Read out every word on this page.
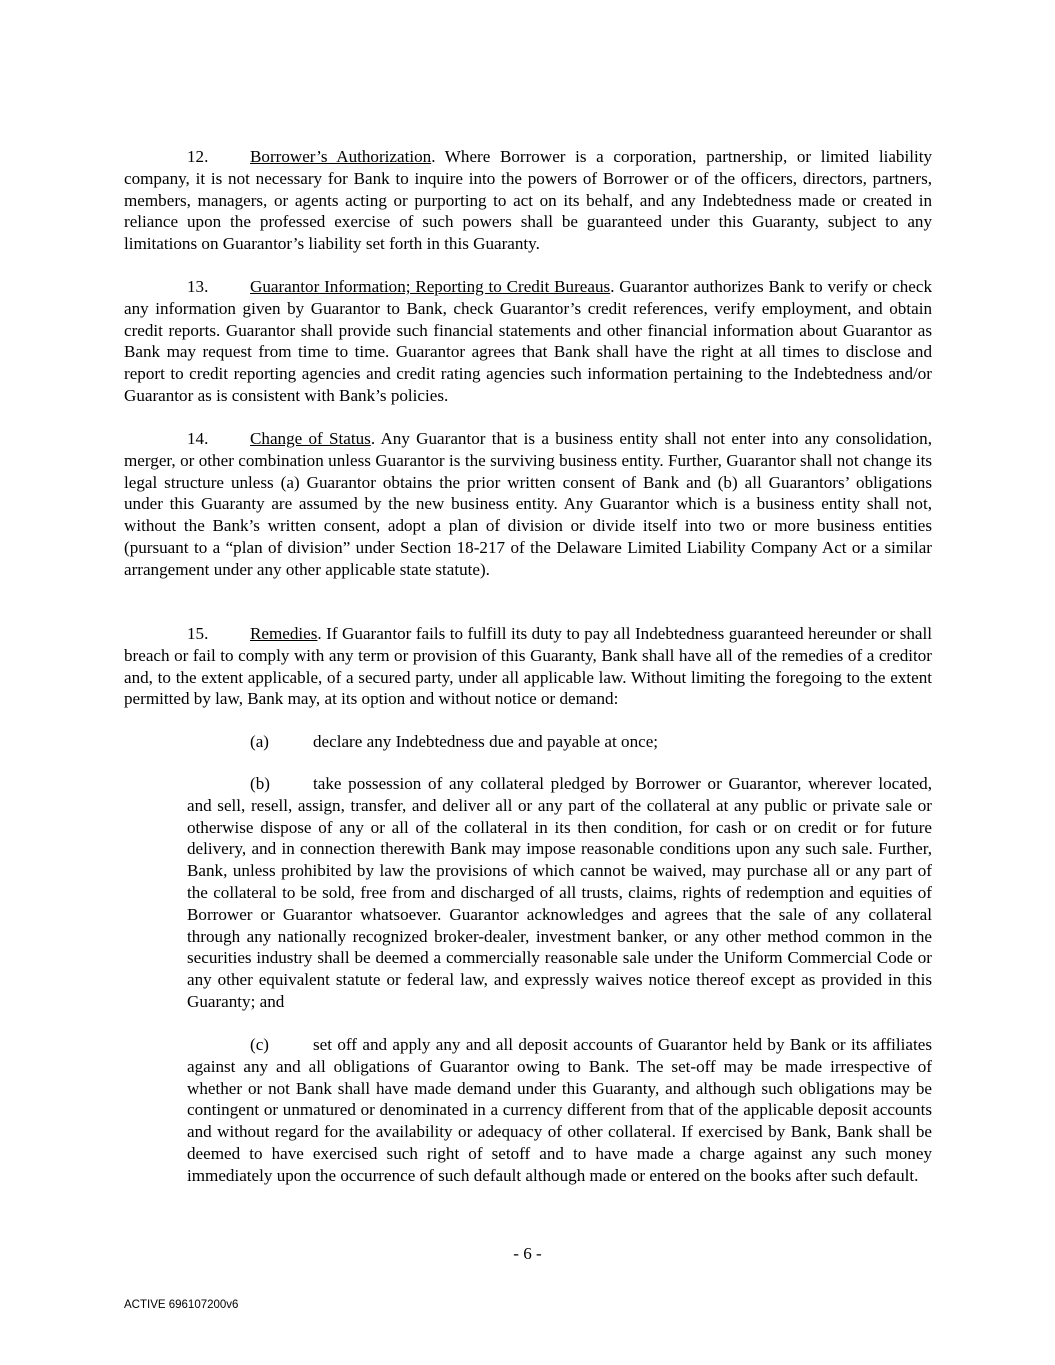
12. Borrower’s Authorization. Where Borrower is a corporation, partnership, or limited liability company, it is not necessary for Bank to inquire into the powers of Borrower or of the officers, directors, partners, members, managers, or agents acting or purporting to act on its behalf, and any Indebtedness made or created in reliance upon the professed exercise of such powers shall be guaranteed under this Guaranty, subject to any limitations on Guarantor’s liability set forth in this Guaranty.

13. Guarantor Information; Reporting to Credit Bureaus. Guarantor authorizes Bank to verify or check any information given by Guarantor to Bank, check Guarantor’s credit references, verify employment, and obtain credit reports. Guarantor shall provide such financial statements and other financial information about Guarantor as Bank may request from time to time. Guarantor agrees that Bank shall have the right at all times to disclose and report to credit reporting agencies and credit rating agencies such information pertaining to the Indebtedness and/or Guarantor as is consistent with Bank’s policies.

14. Change of Status. Any Guarantor that is a business entity shall not enter into any consolidation, merger, or other combination unless Guarantor is the surviving business entity. Further, Guarantor shall not change its legal structure unless (a) Guarantor obtains the prior written consent of Bank and (b) all Guarantors’ obligations under this Guaranty are assumed by the new business entity. Any Guarantor which is a business entity shall not, without the Bank’s written consent, adopt a plan of division or divide itself into two or more business entities (pursuant to a “plan of division” under Section 18-217 of the Delaware Limited Liability Company Act or a similar arrangement under any other applicable state statute).

15. Remedies. If Guarantor fails to fulfill its duty to pay all Indebtedness guaranteed hereunder or shall breach or fail to comply with any term or provision of this Guaranty, Bank shall have all of the remedies of a creditor and, to the extent applicable, of a secured party, under all applicable law. Without limiting the foregoing to the extent permitted by law, Bank may, at its option and without notice or demand:

(a)	declare any Indebtedness due and payable at once;

(b)	take possession of any collateral pledged by Borrower or Guarantor, wherever located, and sell, resell, assign, transfer, and deliver all or any part of the collateral at any public or private sale or otherwise dispose of any or all of the collateral in its then condition, for cash or on credit or for future delivery, and in connection therewith Bank may impose reasonable conditions upon any such sale. Further, Bank, unless prohibited by law the provisions of which cannot be waived, may purchase all or any part of the collateral to be sold, free from and discharged of all trusts, claims, rights of redemption and equities of Borrower or Guarantor whatsoever. Guarantor acknowledges and agrees that the sale of any collateral through any nationally recognized broker-dealer, investment banker, or any other method common in the securities industry shall be deemed a commercially reasonable sale under the Uniform Commercial Code or any other equivalent statute or federal law, and expressly waives notice thereof except as provided in this Guaranty; and

(c)	set off and apply any and all deposit accounts of Guarantor held by Bank or its affiliates against any and all obligations of Guarantor owing to Bank. The set-off may be made irrespective of whether or not Bank shall have made demand under this Guaranty, and although such obligations may be contingent or unmatured or denominated in a currency different from that of the applicable deposit accounts and without regard for the availability or adequacy of other collateral. If exercised by Bank, Bank shall be deemed to have exercised such right of setoff and to have made a charge against any such money immediately upon the occurrence of such default although made or entered on the books after such default.

- 6 -
ACTIVE 696107200v6
